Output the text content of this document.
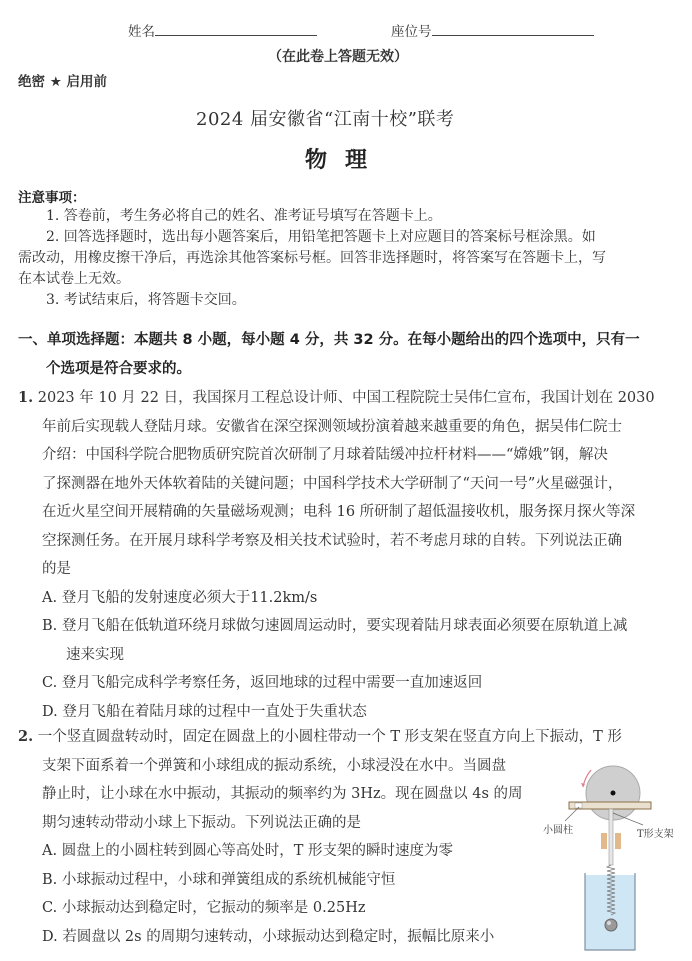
姓名	座位号
（在此卷上答题无效）
绝密 ★ 启用前
2024 届安徽省“江南十校”联考
物理
注意事项：
1. 答卷前，考生务必将自己的姓名、准考证号填写在答题卡上。
2. 回答选择题时，选出每小题答案后，用铅笔把答题卡上对应题目的答案标号框涂黑。如
需改动，用橡皮擦干净后，再选涂其他答案标号框。回答非选择题时，将答案写在答题卡上，写
在本试卷上无效。
3. 考试结束后，将答题卡交回。
一、单项选择题：本题共 8 小题，每小题 4 分，共 32 分。在每小题给出的四个选项中，只有一
个选项是符合要求的。
1. 2023 年 10 月 22 日，我国探月工程总设计师、中国工程院院士吴伟仁宣布，我国计划在 2030
年前后实现载人登陆月球。安徽省在深空探测领域扮演着越来越重要的角色，据吴伟仁院士
介绍：中国科学院合肥物质研究院首次研制了月球着陆缓冲拉杆材料——“嫦娥”钢，解决
了探测器在地外天体软着陆的关键问题；中国科学技术大学研制了“天问一号”火星磁强计，
在近火星空间开展精确的矢量磁场观测；电科 16 所研制了超低温接收机，服务探月探火等深
空探测任务。在开展月球科学考察及相关技术试验时，若不考虑月球的自转。下列说法正确
的是
A. 登月飞船的发射速度必须大于11.2km/s
B. 登月飞船在低轨道环绕月球做匀速圆周运动时，要实现着陆月球表面必须要在原轨道上减
速来实现
C. 登月飞船完成科学考察任务，返回地球的过程中需要一直加速返回
D. 登月飞船在着陆月球的过程中一直处于失重状态
2. 一个竖直圆盘转动时，固定在圆盘上的小圆柱带动一个 T 形支架在竖直方向上下振动，T 形
支架下面系着一个弹簧和小球组成的振动系统，小球浸没在水中。当圆盘
静止时，让小球在水中振动，其振动的频率约为 3Hz。现在圆盘以 4s 的周
期匀速转动带动小球上下振动。下列说法正确的是
A. 圆盘上的小圆柱转到圆心等高处时，T 形支架的瞬时速度为零
B. 小球振动过程中，小球和弹簧组成的系统机械能守恒
C. 小球振动达到稳定时，它振动的频率是 0.25Hz
D. 若圆盘以 2s 的周期匀速转动，小球振动达到稳定时，振幅比原来小
小圆柱	T形支架
